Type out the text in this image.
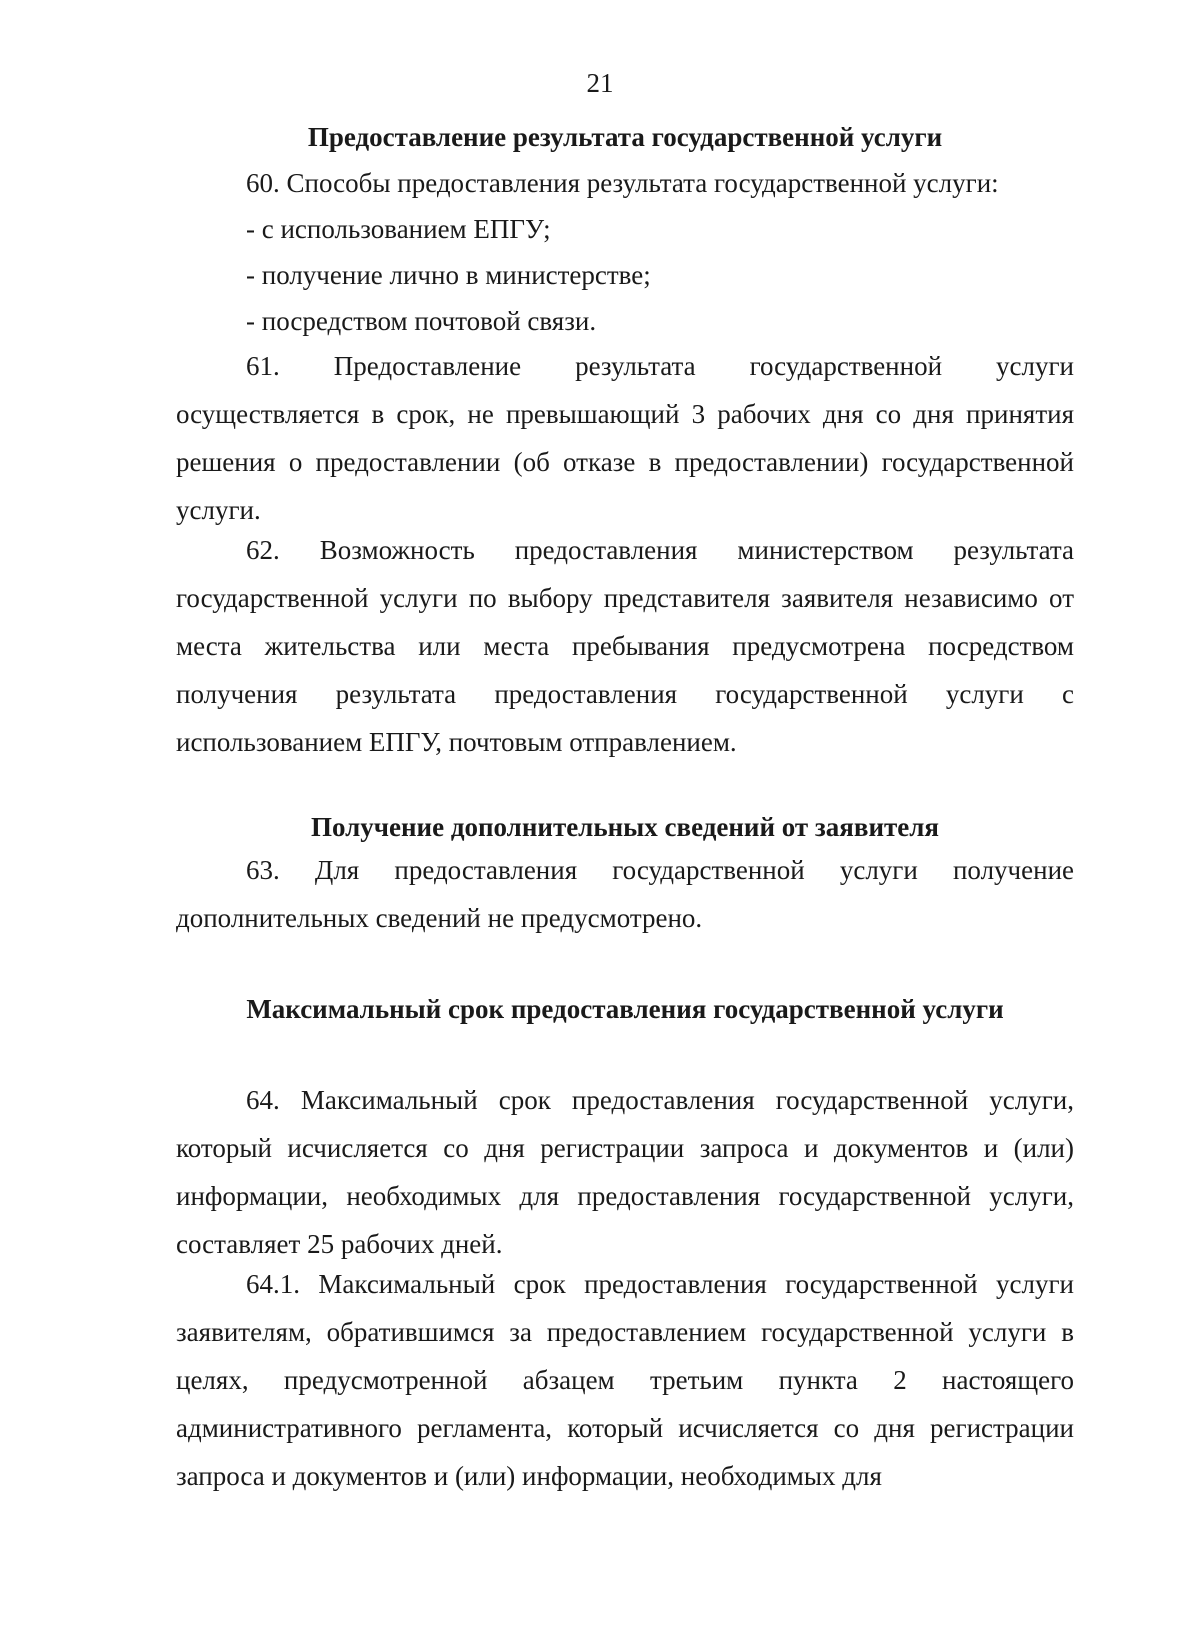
21
Предоставление результата государственной услуги
60. Способы предоставления результата государственной услуги:
- с использованием ЕПГУ;
- получение лично в министерстве;
- посредством почтовой связи.

61. Предоставление результата государственной услуги осуществляется в срок, не превышающий 3 рабочих дня со дня принятия решения о предоставлении (об отказе в предоставлении) государственной услуги.

62. Возможность предоставления министерством результата государственной услуги по выбору представителя заявителя независимо от места жительства или места пребывания предусмотрена посредством получения результата предоставления государственной услуги с использованием ЕПГУ, почтовым отправлением.

Получение дополнительных сведений от заявителя

63. Для предоставления государственной услуги получение дополнительных сведений не предусмотрено.

Максимальный срок предоставления государственной услуги

64. Максимальный срок предоставления государственной услуги, который исчисляется со дня регистрации запроса и документов и (или) информации, необходимых для предоставления государственной услуги, составляет 25 рабочих дней.

64.1. Максимальный срок предоставления государственной услуги заявителям, обратившимся за предоставлением государственной услуги в целях, предусмотренной абзацем третьим пункта 2 настоящего административного регламента, который исчисляется со дня регистрации запроса и документов и (или) информации, необходимых для
